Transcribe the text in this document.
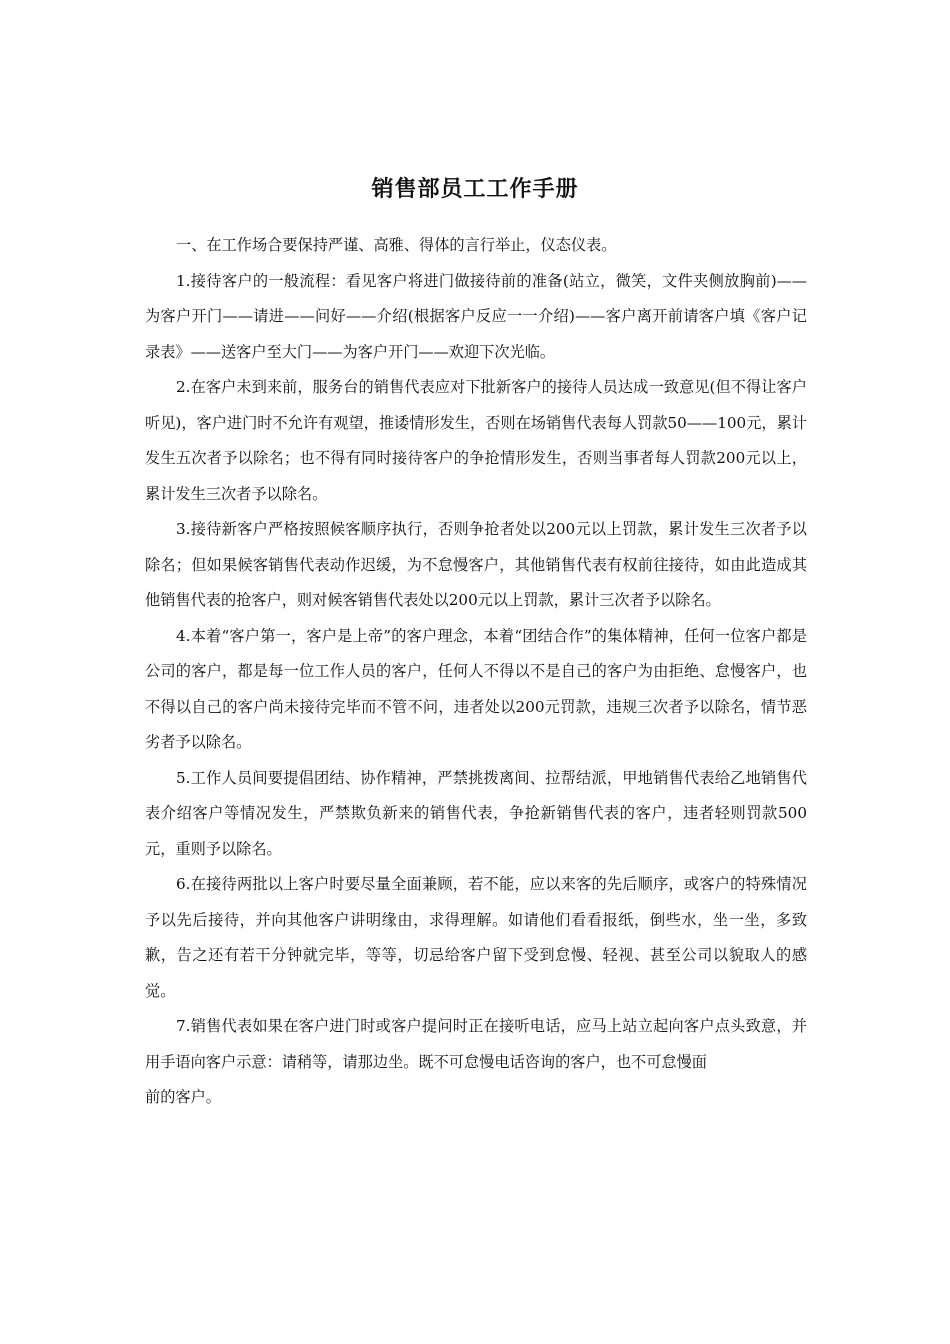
销售部员工工作手册

一、在工作场合要保持严谨、高雅、得体的言行举止，仪态仪表。

1.接待客户的一般流程：看见客户将进门做接待前的准备(站立，微笑，文件夹侧放胸前)——为客户开门——请进——问好——介绍(根据客户反应一一介绍)——客户离开前请客户填《客户记录表》——送客户至大门——为客户开门——欢迎下次光临。

2.在客户未到来前，服务台的销售代表应对下批新客户的接待人员达成一致意见(但不得让客户听见)，客户进门时不允许有观望，推诿情形发生，否则在场销售代表每人罚款50——100元，累计发生五次者予以除名；也不得有同时接待客户的争抢情形发生，否则当事者每人罚款200元以上，累计发生三次者予以除名。

3.接待新客户严格按照候客顺序执行，否则争抢者处以200元以上罚款，累计发生三次者予以除名；但如果候客销售代表动作迟缓，为不怠慢客户，其他销售代表有权前往接待，如由此造成其他销售代表的抢客户，则对候客销售代表处以200元以上罚款，累计三次者予以除名。

4.本着“客户第一，客户是上帝”的客户理念，本着“团结合作”的集体精神，任何一位客户都是公司的客户，都是每一位工作人员的客户，任何人不得以不是自己的客户为由拒绝、怠慢客户，也不得以自己的客户尚未接待完毕而不管不问，违者处以200元罚款，违规三次者予以除名，情节恶劣者予以除名。

5.工作人员间要提倡团结、协作精神，严禁挑拨离间、拉帮结派，甲地销售代表给乙地销售代表介绍客户等情况发生，严禁欺负新来的销售代表，争抢新销售代表的客户，违者轻则罚款500元，重则予以除名。

6.在接待两批以上客户时要尽量全面兼顾，若不能，应以来客的先后顺序，或客户的特殊情况予以先后接待，并向其他客户讲明缘由，求得理解。如请他们看看报纸，倒些水，坐一坐，多致歉，告之还有若干分钟就完毕，等等，切忌给客户留下受到怠慢、轻视、甚至公司以貌取人的感觉。

7.销售代表如果在客户进门时或客户提问时正在接听电话，应马上站立起向客户点头致意，并用手语向客户示意：请稍等，请那边坐。既不可怠慢电话咨询的客户，也不可怠慢面

前的客户。
